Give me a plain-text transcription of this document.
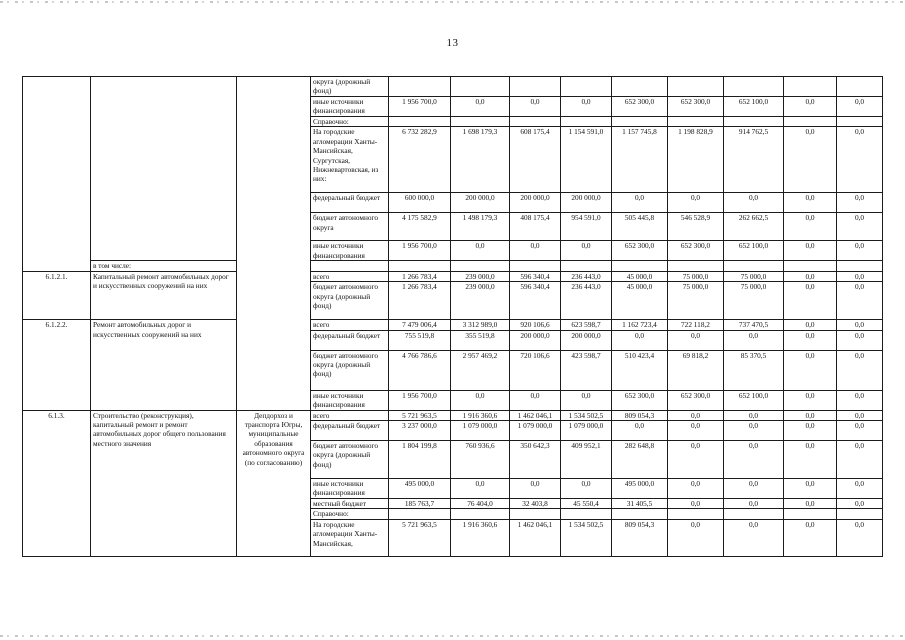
13
			округа (дорожный фонд)									
			иные источники финансирования	1 956 700,0	0,0	0,0	0,0	652 300,0	652 300,0	652 100,0	0,0	0,0
			Справочно:									
			На городские агломерации Ханты-Мансийская, Сургутская, Нижневартовская, из них:	6 732 282,9	1 698 179,3	608 175,4	1 154 591,0	1 157 745,8	1 198 828,9	914 762,5	0,0	0,0
			федеральный бюджет	600 000,0	200 000,0	200 000,0	200 000,0	0,0	0,0	0,0	0,0	0,0
			бюджет автономного округа	4 175 582,9	1 498 179,3	408 175,4	954 591,0	505 445,8	546 528,9	262 662,5	0,0	0,0
			иные источники финансирования	1 956 700,0	0,0	0,0	0,0	652 300,0	652 300,0	652 100,0	0,0	0,0
	в том числе:											
6.1.2.1.	Капитальный ремонт автомобильных дорог и искусственных сооружений на них		всего	1 266 783,4	239 000,0	596 340,4	236 443,0	45 000,0	75 000,0	75 000,0	0,0	0,0
			бюджет автономного округа (дорожный фонд)	1 266 783,4	239 000,0	596 340,4	236 443,0	45 000,0	75 000,0	75 000,0	0,0	0,0
6.1.2.2.	Ремонт автомобильных дорог и искусственных сооружений на них		всего	7 479 006,4	3 312 989,0	920 106,6	623 598,7	1 162 723,4	722 118,2	737 470,5	0,0	0,0
			федеральный бюджет	755 519,8	355 519,8	200 000,0	200 000,0	0,0	0,0	0,0	0,0	0,0
			бюджет автономного округа (дорожный фонд)	4 766 786,6	2 957 469,2	720 106,6	423 598,7	510 423,4	69 818,2	85 370,5	0,0	0,0
			иные источники финансирования	1 956 700,0	0,0	0,0	0,0	652 300,0	652 300,0	652 100,0	0,0	0,0
6.1.3.	Строительство (реконструкция), капитальный ремонт и ремонт автомобильных дорог общего пользования местного значения	Депдорхоз и транспорта Югры, муниципальные образования автономного округа (по согласованию)	всего	5 721 963,5	1 916 360,6	1 462 046,1	1 534 502,5	809 054,3	0,0	0,0	0,0	0,0
			федеральный бюджет	3 237 000,0	1 079 000,0	1 079 000,0	1 079 000,0	0,0	0,0	0,0	0,0	0,0
			бюджет автономного округа (дорожный фонд)	1 804 199,8	760 936,6	350 642,3	409 952,1	282 648,8	0,0	0,0	0,0	0,0
			иные источники финансирования	495 000,0	0,0	0,0	0,0	495 000,0	0,0	0,0	0,0	0,0
			местный бюджет	185 763,7	76 404,0	32 403,8	45 550,4	31 405,5	0,0	0,0	0,0	0,0
			Справочно:									
			На городские агломерации Ханты-Мансийская,	5 721 963,5	1 916 360,6	1 462 046,1	1 534 502,5	809 054,3	0,0	0,0	0,0	0,0
